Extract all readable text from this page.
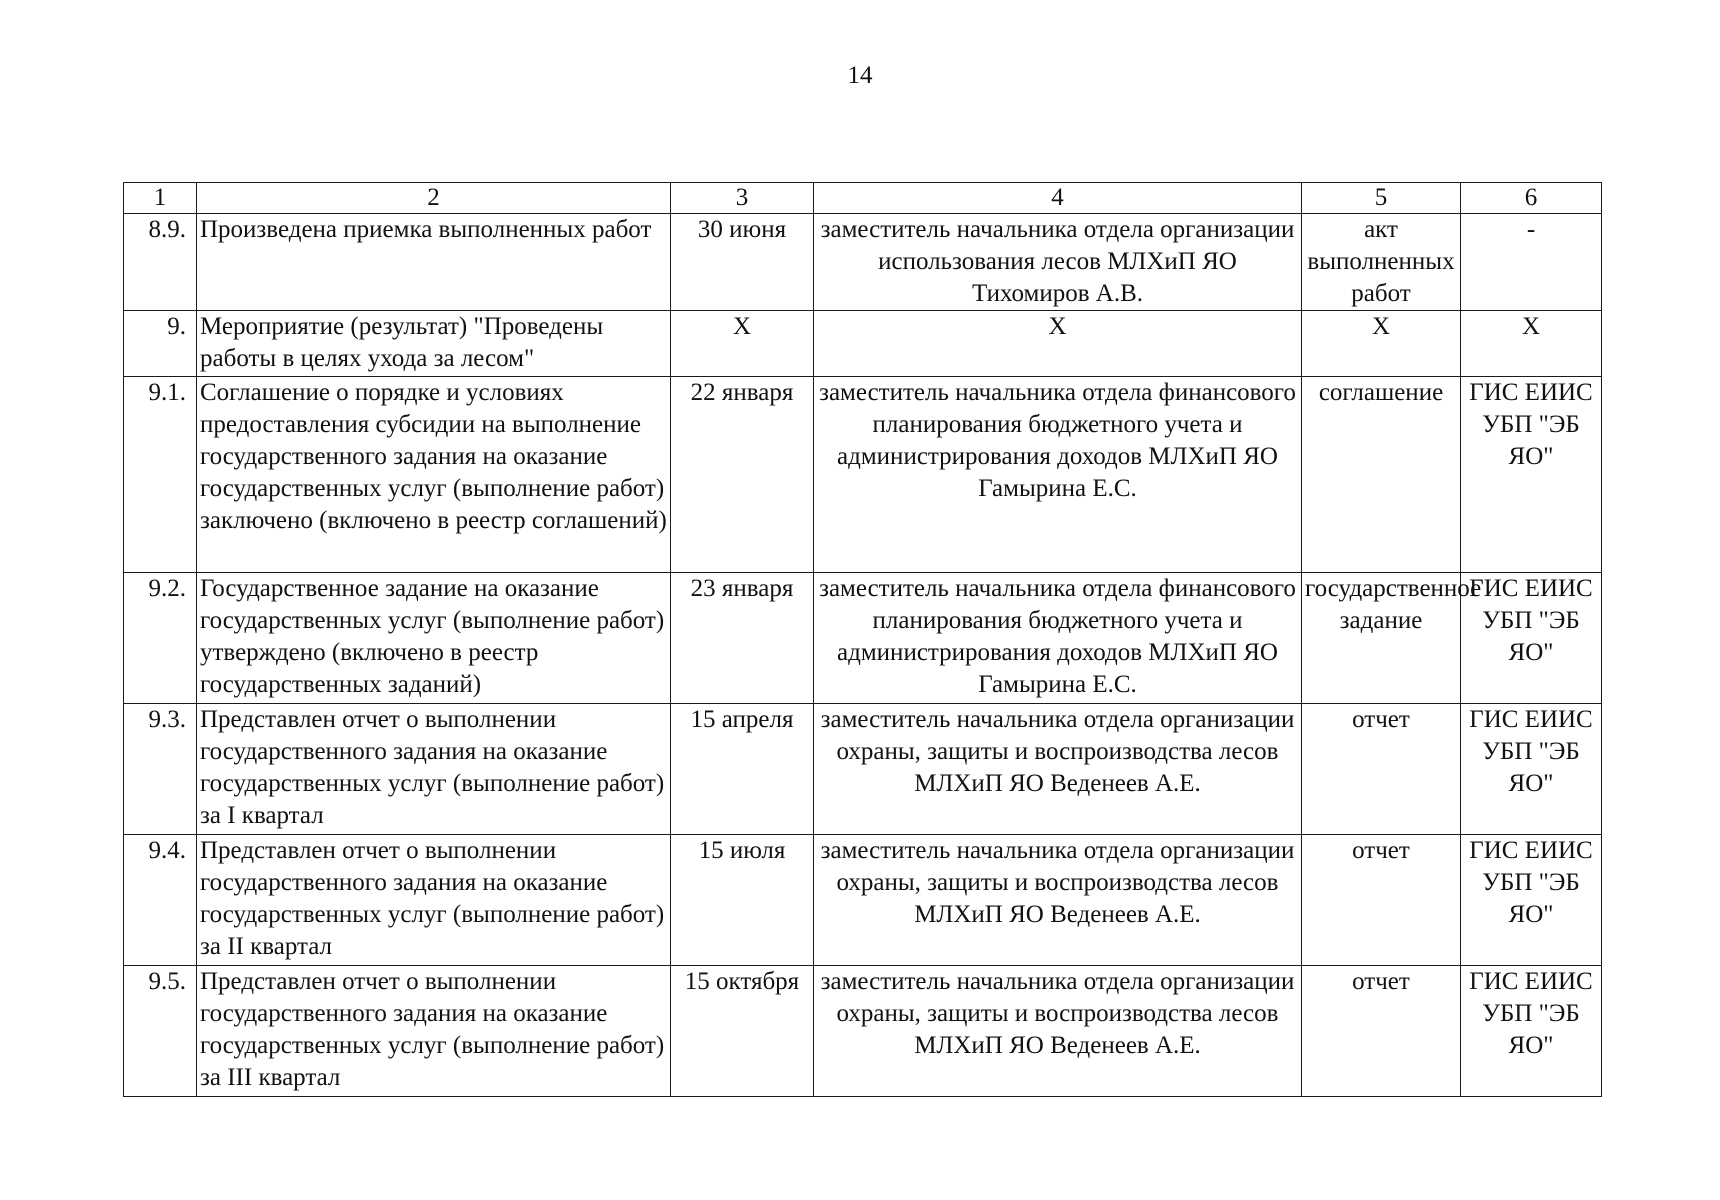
14
1	2	3	4	5	6
8.9.	Произведена приемка выполненных работ	30 июня	заместитель начальника отдела организации использования лесов МЛХиП ЯО Тихомиров А.В.	акт выполненных работ	-
9.	Мероприятие (результат) "Проведены работы в целях ухода за лесом"	X	X	X	X
9.1.	Соглашение о порядке и условиях предоставления субсидии на выполнение государственного задания на оказание государственных услуг (выполнение работ) заключено (включено в реестр соглашений)	22 января	заместитель начальника отдела финансового планирования бюджетного учета и администрирования доходов МЛХиП ЯО Гамырина Е.С.	соглашение	ГИС ЕИИС УБП "ЭБ ЯО"
9.2.	Государственное задание на оказание государственных услуг (выполнение работ) утверждено (включено в реестр государственных заданий)	23 января	заместитель начальника отдела финансового планирования бюджетного учета и администрирования доходов МЛХиП ЯО Гамырина Е.С.	государственное задание	ГИС ЕИИС УБП "ЭБ ЯО"
9.3.	Представлен отчет о выполнении государственного задания на оказание государственных услуг (выполнение работ) за I квартал	15 апреля	заместитель начальника отдела организации охраны, защиты и воспроизводства лесов МЛХиП ЯО Веденеев А.Е.	отчет	ГИС ЕИИС УБП "ЭБ ЯО"
9.4.	Представлен отчет о выполнении государственного задания на оказание государственных услуг (выполнение работ) за II квартал	15 июля	заместитель начальника отдела организации охраны, защиты и воспроизводства лесов МЛХиП ЯО Веденеев А.Е.	отчет	ГИС ЕИИС УБП "ЭБ ЯО"
9.5.	Представлен отчет о выполнении государственного задания на оказание государственных услуг (выполнение работ) за III квартал	15 октября	заместитель начальника отдела организации охраны, защиты и воспроизводства лесов МЛХиП ЯО Веденеев А.Е.	отчет	ГИС ЕИИС УБП "ЭБ ЯО"
